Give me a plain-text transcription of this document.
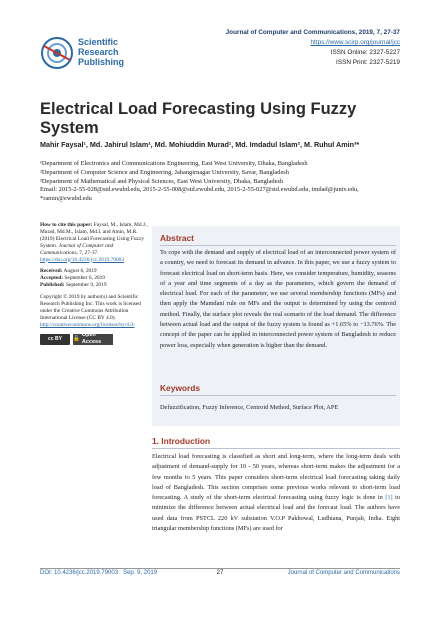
Scientific
Research
Publishing
Journal of Computer and Communications, 2019, 7, 27-37
https://www.scirp.org/journal/jcc
ISSN Online: 2327-5227
ISSN Print: 2327-5219
Electrical Load Forecasting Using Fuzzy System
Mahir Faysal¹, Md. Jahirul Islam¹, Md. Mohiuddin Murad¹, Md. Imdadul Islam², M. Ruhul Amin³*
¹Department of Electronics and Communications Engineering, East West University, Dhaka, Bangladesh
²Department of Computer Science and Engineering, Jahangirnagar University, Savar, Bangladesh
³Department of Mathematical and Physical Sciences, East West University, Dhaka, Bangladesh
Email: 2015-2-55-028@std.ewubd.edu, 2015-2-55-008@std.ewubd.edu, 2015-2-55-027@std.ewubd.edu, imdad@juniv.edu,
*ramin@ewubd.edu

How to cite this paper: Faysal, M., Islam, Md.J., Murad, Md.M., Islam, Md.I. and Amin, M.R. (2019) Electrical Load Forecasting Using Fuzzy System. Journal of Computer and Communications, 7, 27-37.
https://doi.org/10.4236/jcc.2019.79003

Received: August 6, 2019
Accepted: September 6, 2019
Published: September 9, 2019

Copyright © 2019 by author(s) and Scientific Research Publishing Inc. This work is licensed under the Creative Commons Attribution International License (CC BY 4.0).
http://creativecommons.org/licenses/by/4.0/

cc BY	🔓
Open Access
Abstract
To cope with the demand and supply of electrical load of an interconnected power system of a country, we need to forecast its demand in advance. In this paper, we use a fuzzy system to forecast electrical load on short-term basis. Here, we consider temperature, humidity, seasons of a year and time segments of a day as the parameters, which govern the demand of electrical load. For each of the parameter, we use several membership functions (MFs) and then apply the Mamdani rule on MFs and the output is determined by using the centroid method. Finally, the surface plot reveals the real scenario of the load demand. The difference between actual load and the output of the fuzzy system is found as +1.65% to −13.76%. The concept of the paper can be applied in interconnected power system of Bangladesh to reduce power loss, especially when generation is higher than the demand.
Keywords
Defuzzification, Fuzzy Inference, Centroid Method, Surface Plot, APE
1. Introduction
Electrical load forecasting is classified as short and long-term, where the long-term deals with adjustment of demand-supply for 10 - 50 years, whereas short-term makes the adjustment for a few months to 5 years. This paper considers short-term electrical load forecasting taking daily load of Bangladesh. This section comprises some previous works relevant to short-term load forecasting. A study of the short-term electrical forecasting using fuzzy logic is done in [1] to minimize the difference between actual electrical load and the forecast load. The authors have used data from PSTCL 220 kV substation V.O.P Pakhowal, Ludhiana, Punjab, India. Eight triangular membership functions (MFs) are used for
DOI: 10.4236/jcc.2019.79003 Sep. 9, 2019	27	Journal of Computer and Communications
